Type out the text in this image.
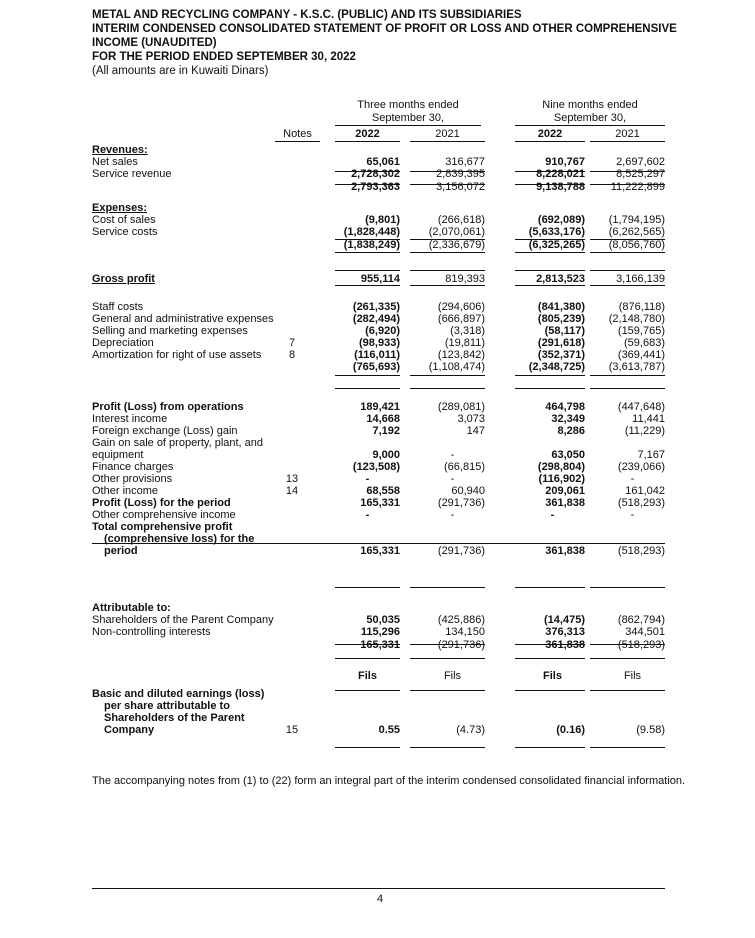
METAL AND RECYCLING COMPANY - K.S.C. (PUBLIC) AND ITS SUBSIDIARIES
INTERIM CONDENSED CONSOLIDATED STATEMENT OF PROFIT OR LOSS AND OTHER COMPREHENSIVE
INCOME (UNAUDITED)
FOR THE PERIOD ENDED SEPTEMBER 30, 2022
(All amounts are in Kuwaiti Dinars)
Three months ended
September 30,
Nine months ended
September 30,
Notes	2022	2021	2022	2021
Revenues:
Net sales	65,061	316,677	910,767	2,697,602
Service revenue	2,728,302	2,839,395	8,228,021	8,525,297
2,793,363	3,156,072	9,138,788	11,222,899
Expenses:
Cost of sales	(9,801)	(266,618)	(692,089)	(1,794,195)
Service costs	(1,828,448)	(2,070,061)	(5,633,176)	(6,262,565)
(1,838,249)	(2,336,679)	(6,325,265)	(8,056,760)
Gross profit	955,114	819,393	2,813,523	3,166,139
Staff costs	(261,335)	(294,606)	(841,380)	(876,118)
General and administrative expenses	(282,494)	(666,897)	(805,239)	(2,148,780)
Selling and marketing expenses	(6,920)	(3,318)	(58,117)	(159,765)
Depreciation	7	(98,933)	(19,811)	(291,618)	(59,683)
Amortization for right of use assets	8	(116,011)	(123,842)	(352,371)	(369,441)
(765,693)	(1,108,474)	(2,348,725)	(3,613,787)
Profit (Loss) from operations	189,421	(289,081)	464,798	(447,648)
Interest income	14,668	3,073	32,349	11,441
Foreign exchange (Loss) gain	7,192	147	8,286	(11,229)
Gain on sale of property, plant, and
equipment	9,000	-	63,050	7,167
Finance charges	(123,508)	(66,815)	(298,804)	(239,066)
Other provisions	13	-	-	(116,902)	-
Other income	14	68,558	60,940	209,061	161,042
Profit (Loss) for the period	165,331	(291,736)	361,838	(518,293)
Other comprehensive income	-	-	-	-
Total comprehensive profit
(comprehensive loss) for the
period	165,331	(291,736)	361,838	(518,293)
Attributable to:
Shareholders of the Parent Company	50,035	(425,886)	(14,475)	(862,794)
Non-controlling interests	115,296	134,150	376,313	344,501
165,331	(291,736)	361,838	(518,293)
Fils	Fils	Fils	Fils
Basic and diluted earnings (loss)
per share attributable to
Shareholders of the Parent
Company	15	0.55	(4.73)	(0.16)	(9.58)
The accompanying notes from (1) to (22) form an integral part of the interim condensed consolidated financial information.
4
